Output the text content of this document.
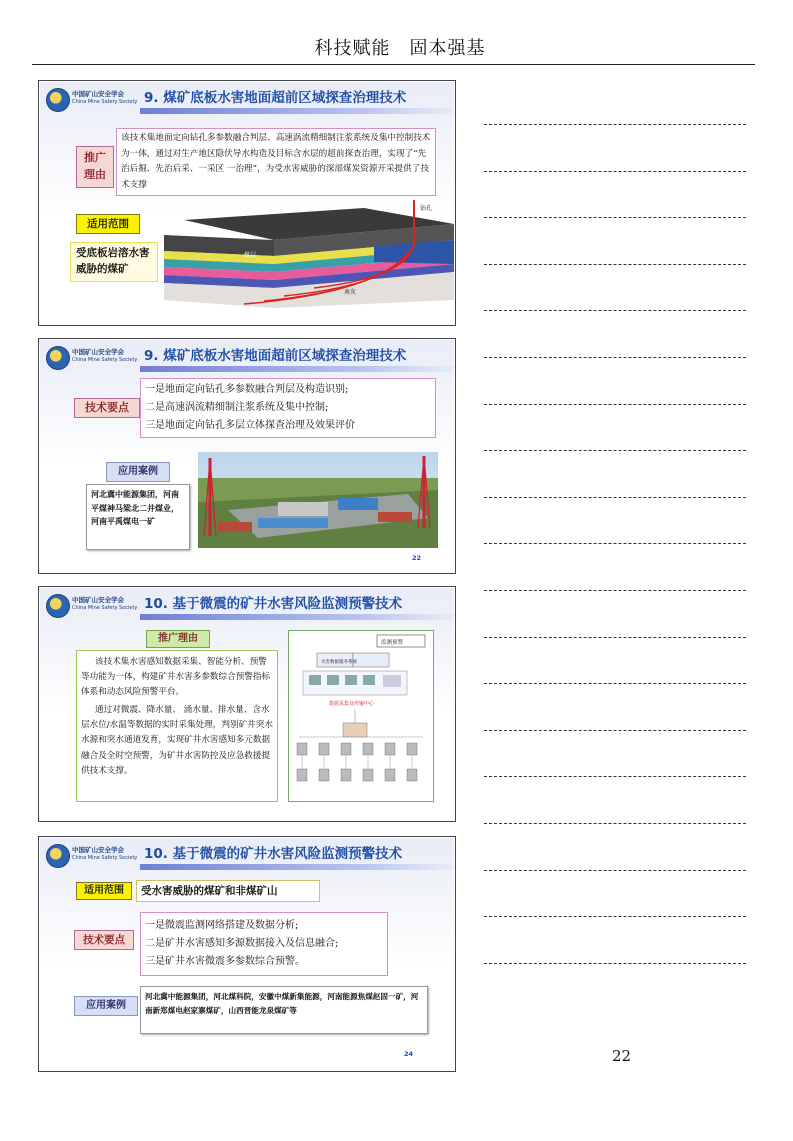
科技赋能　固本强基
中国矿山安全学会
China Mine Safety Society 9. 煤矿底板水害地面超前区域探查治理技术
推广
理由
该技术集地面定向钻孔多参数融合判层、高速涡流精细制注浆系统及集中控制技术为一体，通过对生产地区隐伏导水构造及目标含水层的超前探查治理，实现了“先治后掘、先治后采、一采区 一治理”，为受水害威胁的深部煤炭资源开采提供了技术支撑
适用范围
受底板岩溶水害威胁的煤矿
钻孔
煤层
奥灰
中国矿山安全学会
China Mine Safety Society 9. 煤矿底板水害地面超前区域探查治理技术
技术要点
一是地面定向钻孔多参数融合判层及构造识别;
二是高速涡流精细制注浆系统及集中控制;
三是地面定向钻孔多层立体探查治理及效果评价
应用案例
河北冀中能源集团，河南平煤神马梁北二井煤业，河南平禹煤电一矿
22
中国矿山安全学会
China Mine Safety Society 10. 基于微震的矿井水害风险监测预警技术
推广理由
该技术集水害感知数据采集、智能分析、预警等功能为一体，构建矿井水害多参数综合预警指标体系和动态风险预警平台。
通过对微震、降水量、 涌水量、排水量、含水层水位/水温等数据的实时采集处理，判别矿井突水水源和突水通道发育，实现矿井水害感知多元数据融合及全时空预警，为矿井水害防控及应急救援提供技术支撑。
监测预警
水害数据服务系统
数据采集及传输中心
中国矿山安全学会
China Mine Safety Society 10. 基于微震的矿井水害风险监测预警技术
适用范围	受水害威胁的煤矿和非煤矿山
技术要点
一是微震监测网络搭建及数据分析;
二是矿井水害感知多源数据接入及信息融合;
三是矿井水害微震多参数综合预警。
应用案例
河北冀中能源集团，河北煤科院，安徽中煤新集能源，河南能源焦煤赵固一矿，河南新郑煤电赵家寨煤矿，山西晋能龙泉煤矿等
24	22
